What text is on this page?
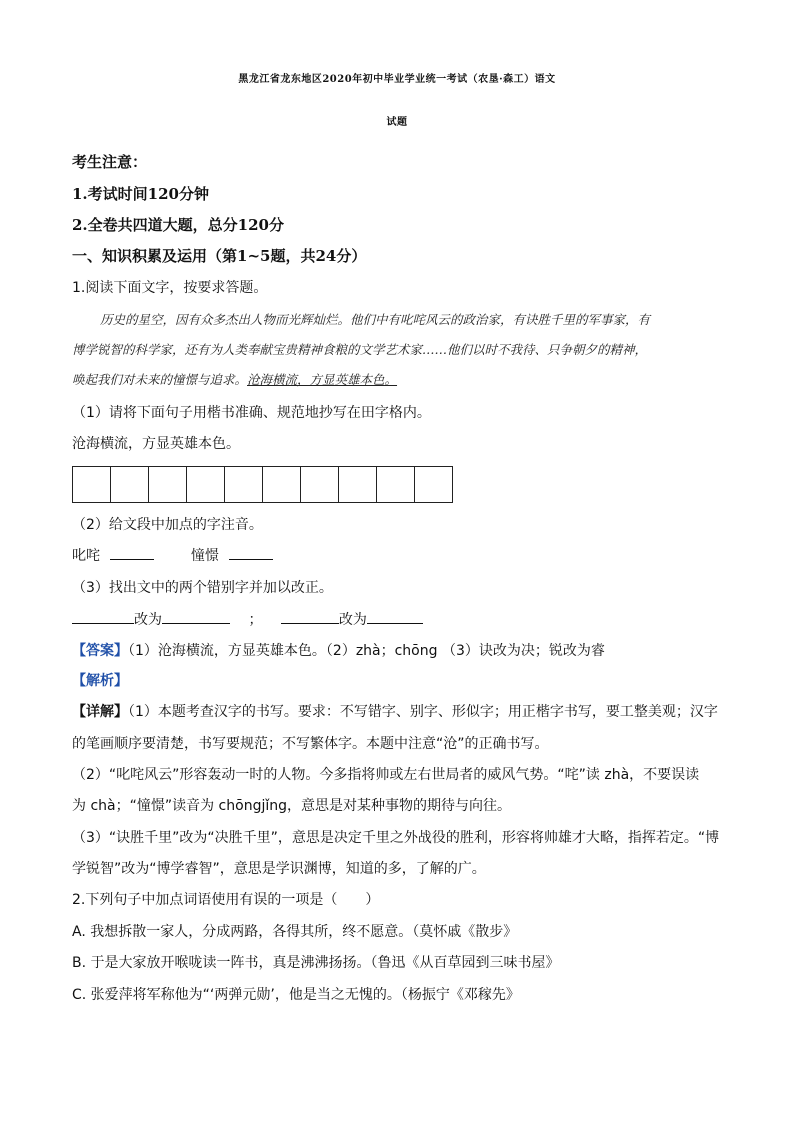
黑龙江省龙东地区2020年初中毕业学业统一考试（农垦·森工）语文
试题
考生注意：
1.考试时间120分钟
2.全卷共四道大题，总分120分
一、知识积累及运用（第1~5题，共24分）
1.阅读下面文字，按要求答题。
历史的星空，因有众多杰出人物而光辉灿烂。他们中有叱咤风云的政治家，有诀胜千里的军事家，有
博学锐智的科学家，还有为人类奉献宝贵精神食粮的文学艺术家……他们以时不我待、只争朝夕的精神，
唤起我们对未来的憧憬与追求。沧海横流，方显英雄本色。
（1）请将下面句子用楷书准确、规范地抄写在田字格内。
沧海横流，方显英雄本色。
（2）给文段中加点的字注音。
叱咤	憧憬
（3）找出文中的两个错别字并加以改正。
改为	；	改为
【答案】（1）沧海横流，方显英雄本色。（2）zhà；chōng （3）诀改为决；锐改为睿
【解析】
【详解】（1）本题考查汉字的书写。要求：不写错字、别字、形似字；用正楷字书写，要工整美观；汉字
的笔画顺序要清楚，书写要规范；不写繁体字。本题中注意“沧”的正确书写。
（2）“叱咤风云”形容轰动一时的人物。今多指将帅或左右世局者的威风气势。“咤”读 zhà，不要误读
为 chà；“憧憬”读音为 chōngjǐng，意思是对某种事物的期待与向往。
（3）“诀胜千里”改为“决胜千里”，意思是决定千里之外战役的胜利，形容将帅雄才大略，指挥若定。“博
学锐智”改为“博学睿智”，意思是学识渊博，知道的多，了解的广。
2.下列句子中加点词语使用有误的一项是（　　）
A. 我想拆散一家人，分成两路，各得其所，终不愿意。（莫怀戚《散步》
B. 于是大家放开喉咙读一阵书，真是沸沸扬扬。（鲁迅《从百草园到三味书屋》
C. 张爱萍将军称他为“‘两弹元勋’，他是当之无愧的。（杨振宁《邓稼先》
